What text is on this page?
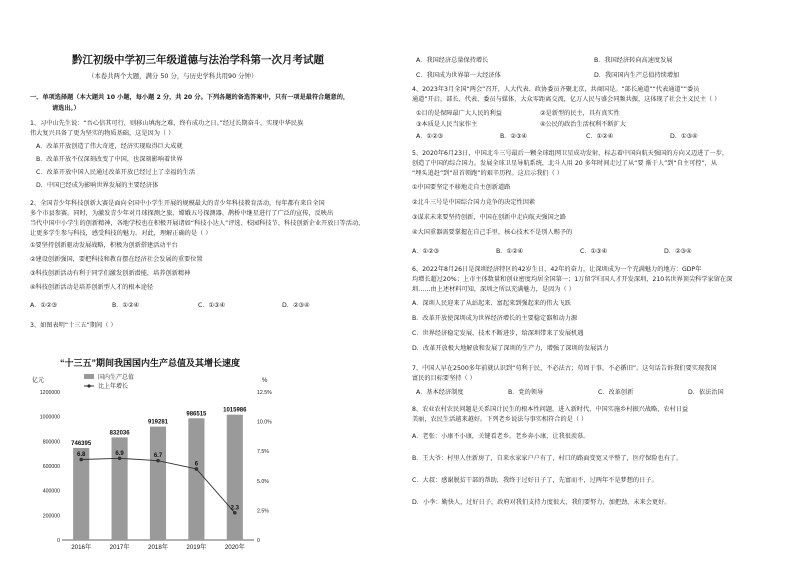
黔江初级中学初三年级道德与法治学科第一次月考试题
（本卷共两个大题，满分 50 分，与历史学科共用90 分钟）
一、单项选择题（本大题共 10 小题，每小题 2 分，共 20 分。下列各题的备选答案中，只有一项是最符合题意的，
请选出。）
1、习中山先生说：“吾心信其可行，则移山填海之难，终有成功之日。”经过长期奋斗，实现中华民族
伟大复兴具备了更为坚实的物质基础，这是因为（ ）
A．改革开放创造了伟大奇迹，经济实现取得巨大成就
B．改革开放不仅深刻改变了中国，也深刻影响着世界
C．改革开放中国人民通过改革开放已经过上了幸福的生活
D．中国已经成为影响世界发展的主要经济体
2、全国青少年科技创新大赛是面向全国中小学生开展的规模最大的青少年科技教育活动，每年都有来自全国
多个市县参赛。同时，为激发青少年对月球探测之旅、嫦娥五号探测器、鹊桥中继星进行了广泛的宣传，反映出
当代中国中小学生的创新精神，各地学校也在积极开展诸如“科技小达人”评选、校园科技节、科技创新企业开放日等活动，
让更多学生参与科技，感受科技的魅力。对此，理解正确的是（ ）
①要坚持创新驱动发展战略，积极为创新搭建活动平台
②建设创新强国，要把科技和教育摆在经济社会发展的重要位置
③科技创新活动有利于同学们激发创新潜能，培养创新精神
④科技创新活动是培养创新型人才的根本途径
A．①②③	B．①②④	C．①③④	D．②③④
3、如图表明“十三五”期间（ ）
“十三五”期间我国国内生产总值及其增长速度
亿元	%
国内生产总值
比上年增长
0
200000
400000
600000
800000
1000000
1200000
0
2.5%
5.0%
7.5%
10.0%
12.5%
746395
2016年
832036
2017年
919281
2018年
986515
2019年
1015986
2020年
6.8	6.9	6.7
6
2.3
A．我国经济总量保持增长	B．我国经济转向高速度发展
C．我国成为世界第一大经济体	D．我国国内生产总值持续增加
4、2023年3月全国“两会”召开，人大代表、政协委员齐聚北京，共商国是。“部长通道”“代表通道”“委员
通道”开启，部长、代表、委员与媒体、大众零距离交流，亿万人民与盛会同频共振，这体现了社会主义民主（ ）
①目的是保障最广大人民的利益	②是新型的民主，具有真实性
③本质是人民当家作主	④公民的政治生活权利不断扩大
A．①②③	B．②③④	C．①②④	D．①③④
5、2020年6月23日，中国北斗三号最后一颗全球组网卫星成功发射，标志着中国向航天强国的方向又迈进了一步，
创造了中国的综合国力。发展全球卫星导航系统，北斗人用 20 多年时间走过了从“要 渐于人”到“自主可控”，从
“埋头追赶”到“昂首领跑”的艰辛历程。这启示我们（ ）
①中国要坚定不移地走自主创新道路
②北斗三号是中国综合国力竞争的决定性因素
③谋求未来要坚持创新，中国在创新中走向航天强国之路
④大国重器需要掌握在自己手里，核心技术不是别人赐予的
A．①②③	B．①②④	C．①③④	D．②③④
6、2022年8月26日是深圳经济特区的42岁生日，42年的奋力，让深圳成为一个充满魅力的地方：GDP年
均增长超过20%；上市主体数量和创业密度均居全国第一；1万留学归国人才开发深圳，210名世界顶尖科学家留在深
圳……由上述材料可知，深圳之所以充满魅力，是因为（ ）
A．深圳人民迎来了从站起来、富起来到强起来的伟大飞跃
B．改革开放使深圳成为世界经济增长的主要稳定器和动力源
C．世界经济稳定发展、技术不断进步，给深圳带来了发展机遇
D．改革开放极大地解放和发展了深圳的生产力，增强了深圳的发展活力
7、中国人早在2500多年前就认识到“苟利于民，不必法古；苟周于事，不必循旧”。这句话告诉我们要实现我国
富民的目标要坚持（ ）
A．基本经济制度	B．党的领导	C．改革创新	D．依法治国
8、农业农村农民问题是关系国计民生的根本性问题，进入新时代，中国实施乡村振兴战略，农村日益
美丽，农民生活越来越好。下列老乡说法与事实相符合的是（ ）
A．老张：小康不小康，关键看老乡。老乡奔小康，让我很羡慕。
B．王大爷：村里人住新房了，自来水家家户户有了，村口的路面变宽又平整了，医疗保险也有了。
C．大叔：感谢脱贫干部的帮助，我终于过好日子了，先富而不，过两年不是梦想的日子。
D．小李：勤快人，过好日子，政府对我们支持力度很大，我们要努力，加把劲，未来会更好。
